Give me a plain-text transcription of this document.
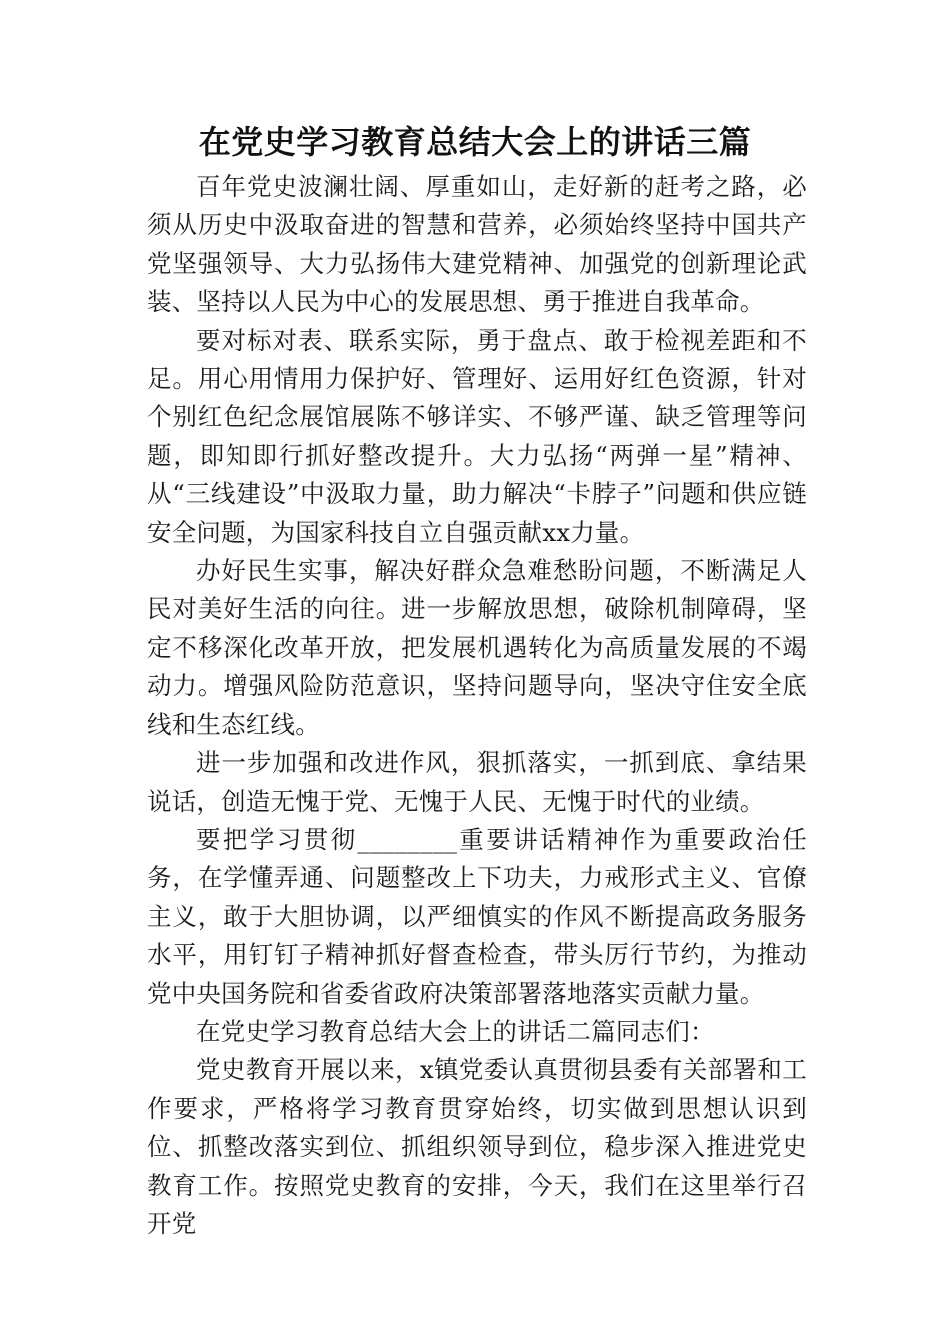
在党史学习教育总结大会上的讲话三篇

百年党史波澜壮阔、厚重如山，走好新的赶考之路，必须从历史中汲取奋进的智慧和营养，必须始终坚持中国共产党坚强领导、大力弘扬伟大建党精神、加强党的创新理论武装、坚持以人民为中心的发展思想、勇于推进自我革命。

要对标对表、联系实际，勇于盘点、敢于检视差距和不足。用心用情用力保护好、管理好、运用好红色资源，针对个别红色纪念展馆展陈不够详实、不够严谨、缺乏管理等问题，即知即行抓好整改提升。大力弘扬“两弹一星”精神、从“三线建设”中汲取力量，助力解决“卡脖子”问题和供应链安全问题，为国家科技自立自强贡献xx力量。

办好民生实事，解决好群众急难愁盼问题，不断满足人民对美好生活的向往。进一步解放思想，破除机制障碍，坚定不移深化改革开放，把发展机遇转化为高质量发展的不竭动力。增强风险防范意识，坚持问题导向，坚决守住安全底线和生态红线。

进一步加强和改进作风，狠抓落实，一抓到底、拿结果说话，创造无愧于党、无愧于人民、无愧于时代的业绩。

要把学习贯彻________重要讲话精神作为重要政治任务，在学懂弄通、问题整改上下功夫，力戒形式主义、官僚主义，敢于大胆协调，以严细慎实的作风不断提高政务服务水平，用钉钉子精神抓好督查检查，带头厉行节约，为推动党中央国务院和省委省政府决策部署落地落实贡献力量。

在党史学习教育总结大会上的讲话二篇同志们：

党史教育开展以来，x镇党委认真贯彻县委有关部署和工作要求，严格将学习教育贯穿始终，切实做到思想认识到位、抓整改落实到位、抓组织领导到位，稳步深入推进党史教育工作。按照党史教育的安排，今天，我们在这里举行召开党
